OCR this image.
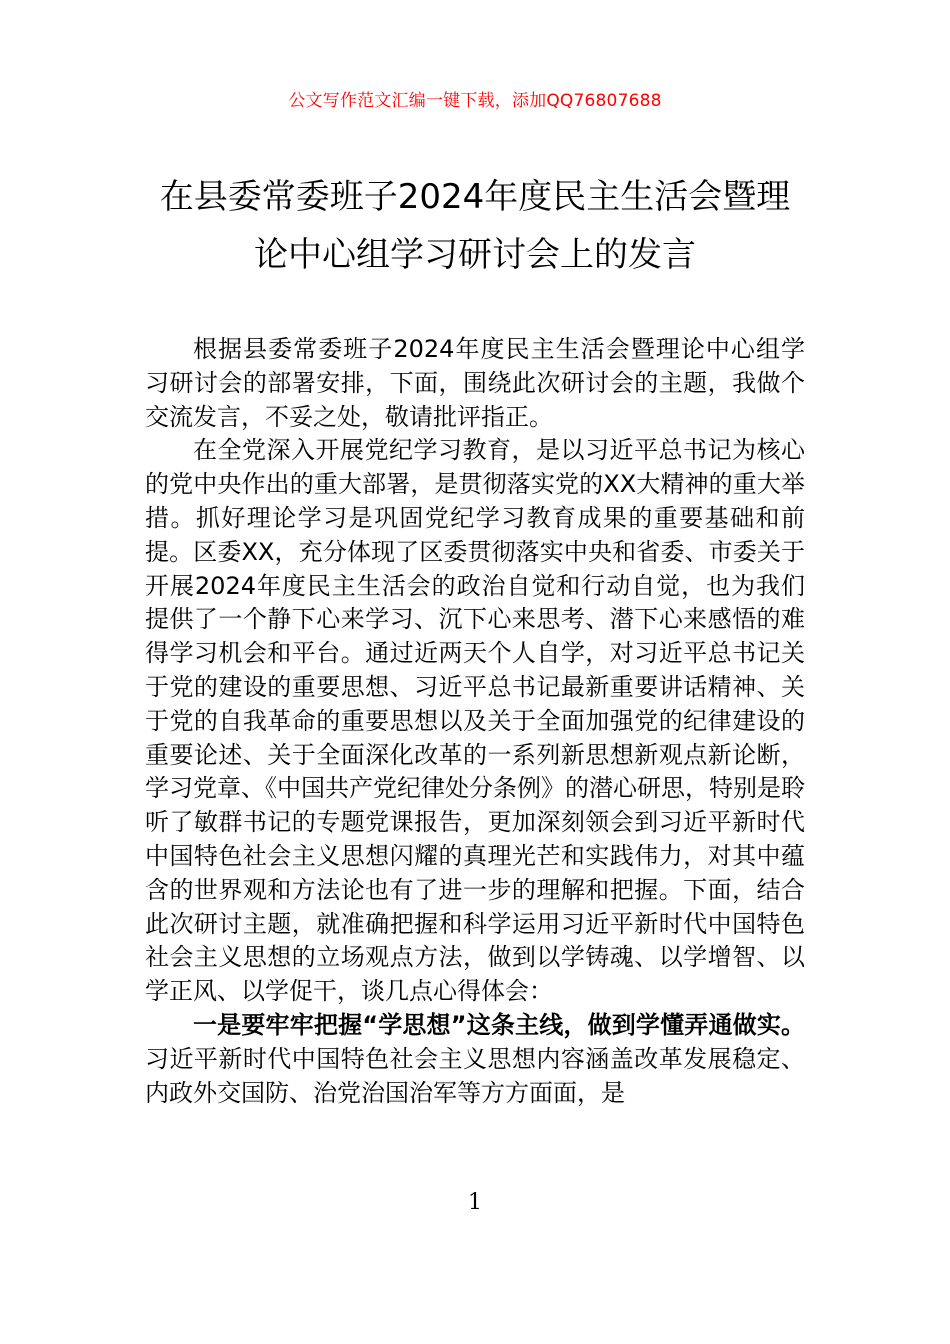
公文写作范文汇编一键下载，添加QQ76807688
在县委常委班子2024年度民主生活会暨理
论中心组学习研讨会上的发言

根据县委常委班子2024年度民主生活会暨理论中心组学习研讨会的部署安排，下面，围绕此次研讨会的主题，我做个交流发言，不妥之处，敬请批评指正。

在全党深入开展党纪学习教育，是以习近平总书记为核心的党中央作出的重大部署，是贯彻落实党的XX大精神的重大举措。抓好理论学习是巩固党纪学习教育成果的重要基础和前提。区委XX，充分体现了区委贯彻落实中央和省委、市委关于开展2024年度民主生活会的政治自觉和行动自觉，也为我们提供了一个静下心来学习、沉下心来思考、潜下心来感悟的难得学习机会和平台。通过近两天个人自学，对习近平总书记关于党的建设的重要思想、习近平总书记最新重要讲话精神、关于党的自我革命的重要思想以及关于全面加强党的纪律建设的重要论述、关于全面深化改革的一系列新思想新观点新论断，学习党章、《中国共产党纪律处分条例》的潜心研思，特别是聆听了敏群书记的专题党课报告，更加深刻领会到习近平新时代中国特色社会主义思想闪耀的真理光芒和实践伟力，对其中蕴含的世界观和方法论也有了进一步的理解和把握。下面，结合此次研讨主题，就准确把握和科学运用习近平新时代中国特色社会主义思想的立场观点方法，做到以学铸魂、以学增智、以学正风、以学促干，谈几点心得体会：

一是要牢牢把握“学思想”这条主线，做到学懂弄通做实。习近平新时代中国特色社会主义思想内容涵盖改革发展稳定、内政外交国防、治党治国治军等方方面面，是

1
